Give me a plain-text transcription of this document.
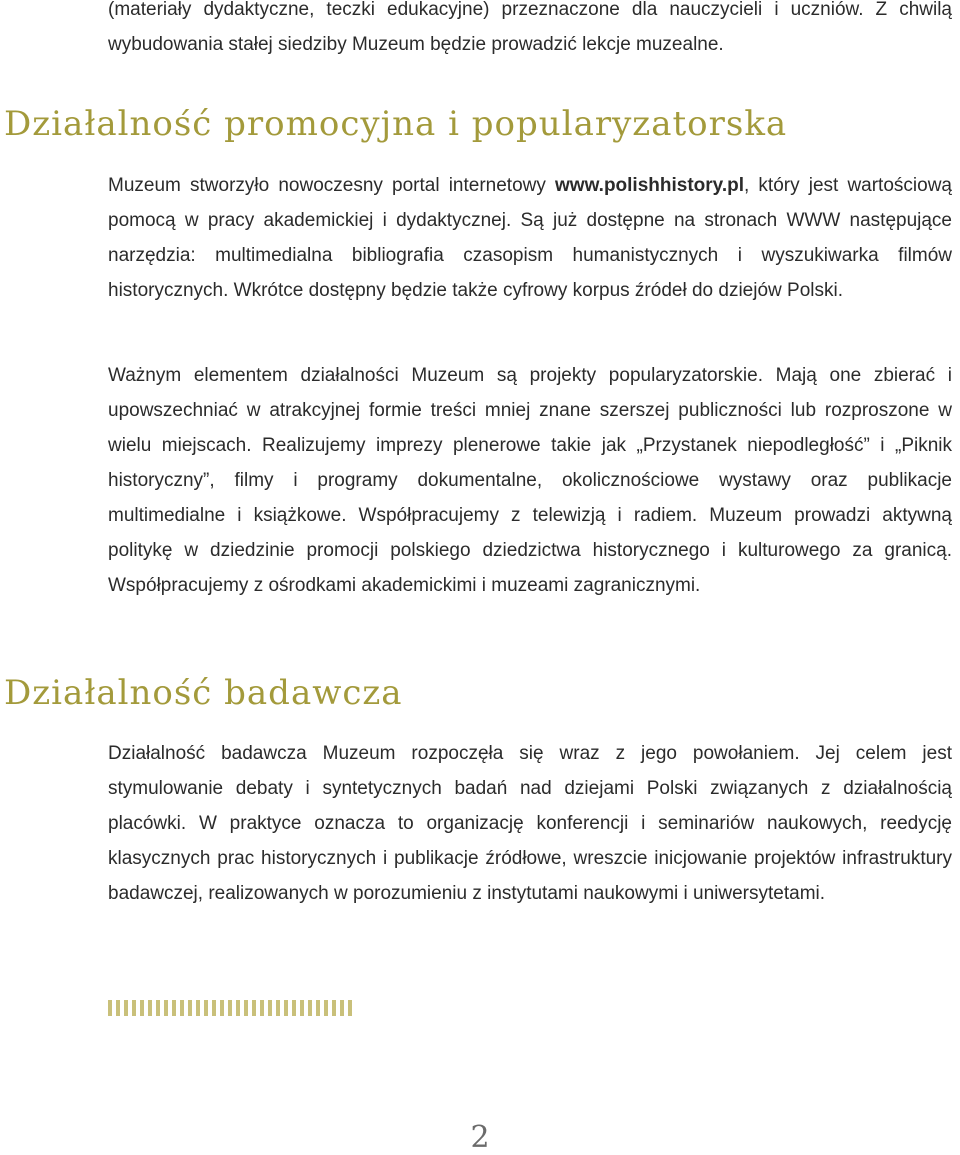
(materiały dydaktyczne, teczki edukacyjne) przeznaczone dla nauczycieli i uczniów. Z chwilą wybudowania stałej siedziby Muzeum będzie prowadzić lekcje muzealne.

Działalność promocyjna i popularyzatorska

Muzeum stworzyło nowoczesny portal internetowy www.polishhistory.pl, który jest wartościową pomocą w pracy akademickiej i dydaktycznej. Są już dostępne na stronach WWW następujące narzędzia: multimedialna bibliografia czasopism humanistycznych i wyszukiwarka filmów historycznych. Wkrótce dostępny będzie także cyfrowy korpus źródeł do dziejów Polski.

Ważnym elementem działalności Muzeum są projekty popularyzatorskie. Mają one zbierać i upowszechniać w atrakcyjnej formie treści mniej znane szerszej publiczności lub rozproszone w wielu miejscach. Realizujemy imprezy plenerowe takie jak „Przystanek niepodległość” i „Piknik historyczny”, filmy i programy dokumentalne, okolicznościowe wystawy oraz publikacje multimedialne i książkowe. Współpracujemy z telewizją i radiem. Muzeum prowadzi aktywną politykę w dziedzinie promocji polskiego dziedzictwa historycznego i kulturowego za granicą. Współpracujemy z ośrodkami akademickimi i muzeami zagranicznymi.

Działalność badawcza

Działalność badawcza Muzeum rozpoczęła się wraz z jego powołaniem. Jej celem jest stymulowanie debaty i syntetycznych badań nad dziejami Polski związanych z działalnością placówki. W praktyce oznacza to organizację konferencji i seminariów naukowych, reedycję klasycznych prac historycznych i publikacje źródłowe, wreszcie inicjowanie projektów infrastruktury badawczej, realizowanych w porozumieniu z instytutami naukowymi i uniwersytetami.

2
